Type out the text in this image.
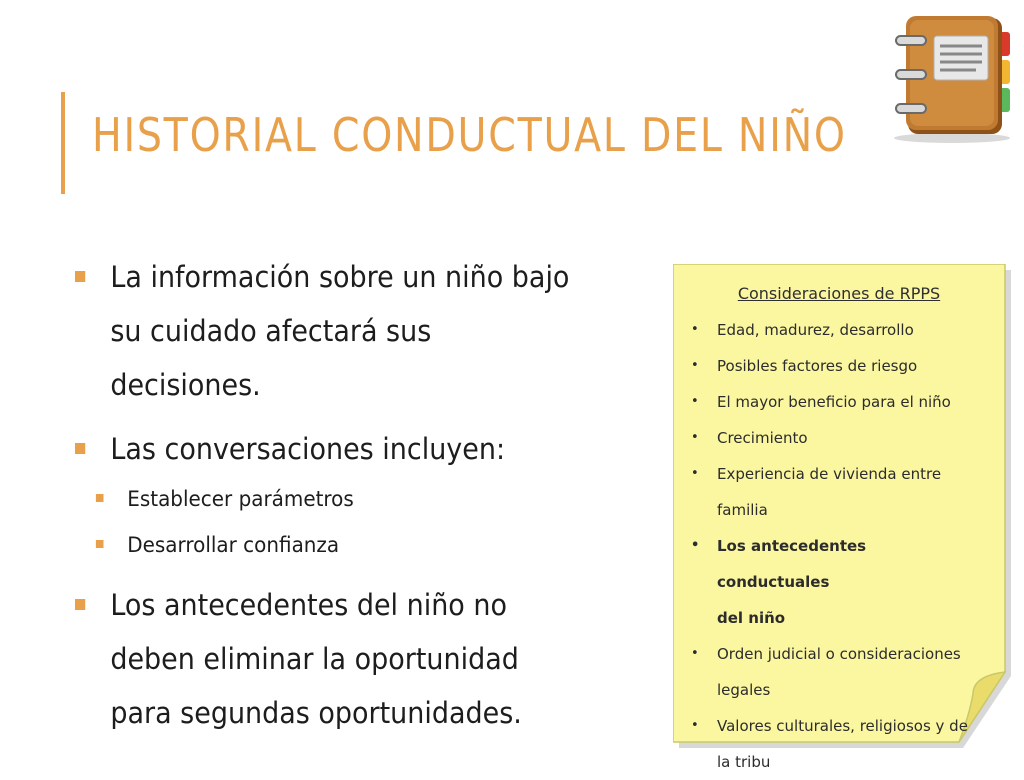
HISTORIAL CONDUCTUAL DEL NIÑO
La información sobre un niño bajo
su cuidado afectará sus
decisiones.
Las conversaciones incluyen:
Establecer parámetros
Desarrollar confianza
Los antecedentes del niño no
deben eliminar la oportunidad
para segundas oportunidades.
Consideraciones de RPPS
• Edad, madurez, desarrollo
• Posibles factores de riesgo
• El mayor beneficio para el niño
• Crecimiento
• Experiencia de vivienda entre
familia
• Los antecedentes conductuales
del niño
• Orden judicial o consideraciones
legales
• Valores culturales, religiosos y de
la tribu
